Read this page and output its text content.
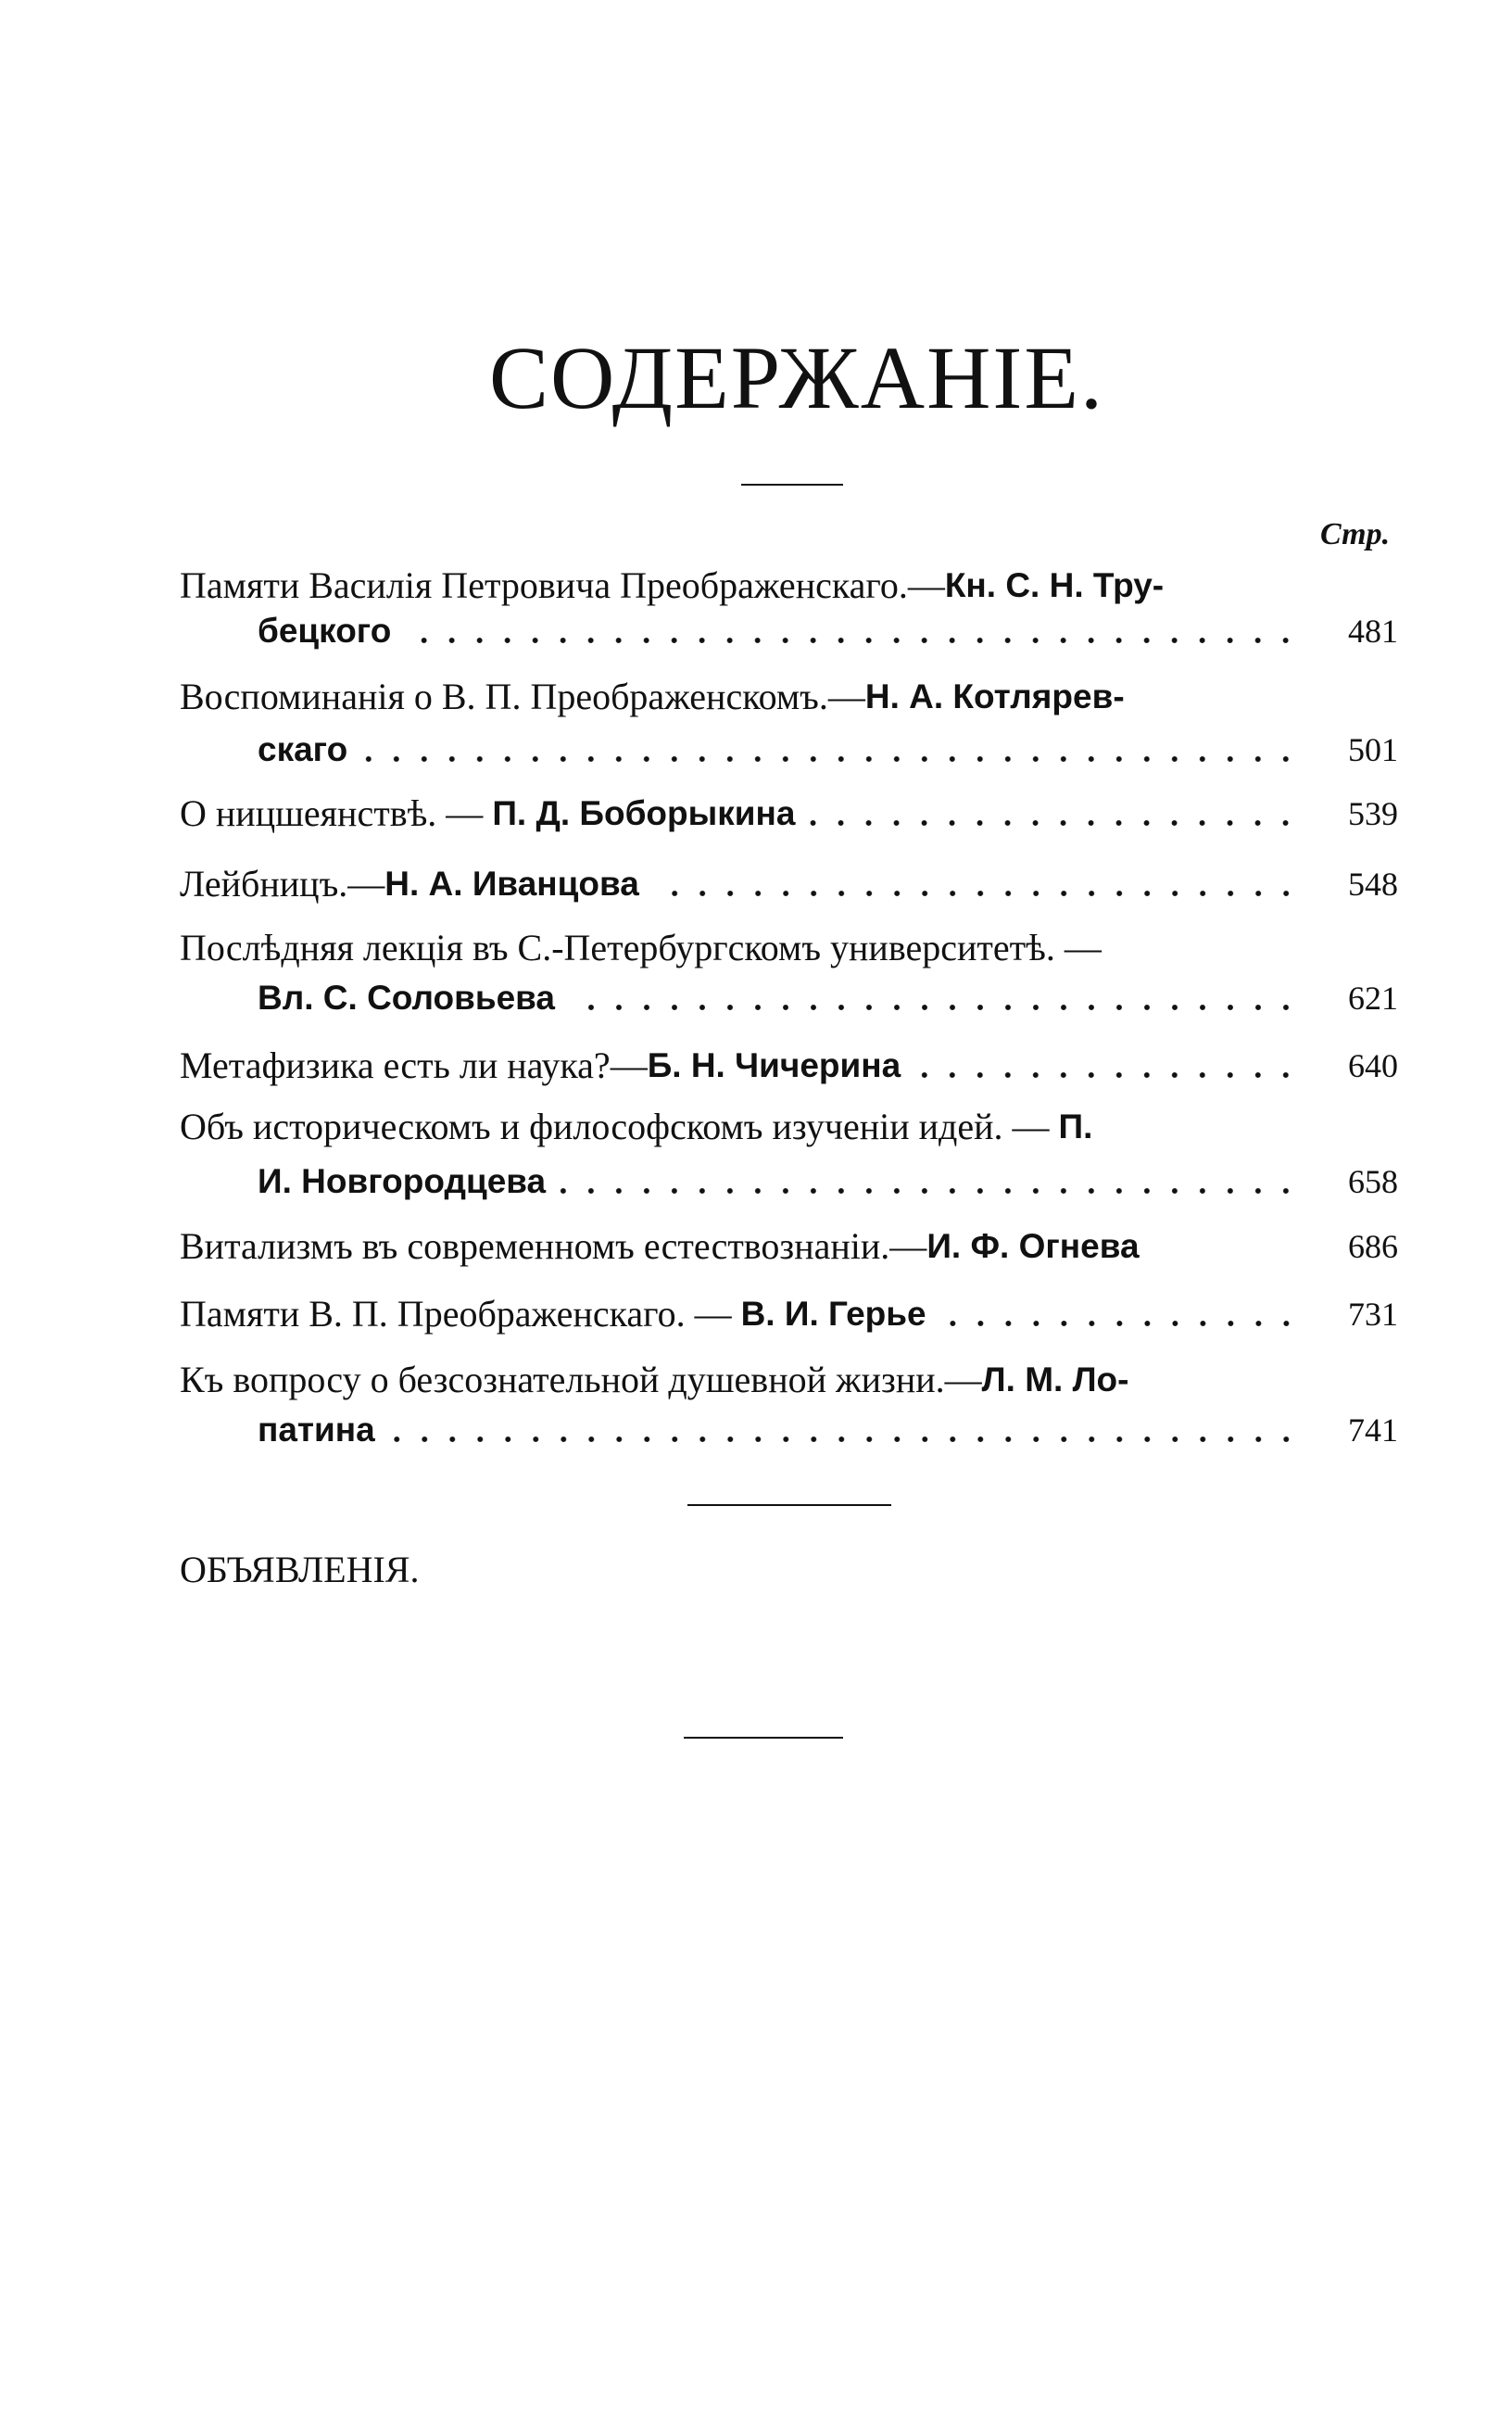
СОДЕРЖАНІЕ.
Стр.
Памяти Василія Петровича Преображенскаго.— Кн. С. Н. Тру-
бецкого	481
Воспоминанія о В. П. Преображенскомъ.— Н. А. Котлярев-
скаго	501
О ницшеянствѣ. — П. Д. Боборыкина	539
Лейбницъ.— Н. А. Иванцова	548
Послѣдняя лекція въ С.-Петербургскомъ университетѣ. —
Вл. С. Соловьева	621
Метафизика есть ли наука?— Б. Н. Чичерина	640
Объ историческомъ и философскомъ изученіи идей. — П.
И. Новгородцева	658
Витализмъ въ современномъ естествознаніи.— И. Ф. Огнева	686
Памяти В. П. Преображенскаго. — В. И. Герье	731
Къ вопросу о безсознательной душевной жизни.— Л. М. Ло-
патина	741
ОБЪЯВЛЕНІЯ.
